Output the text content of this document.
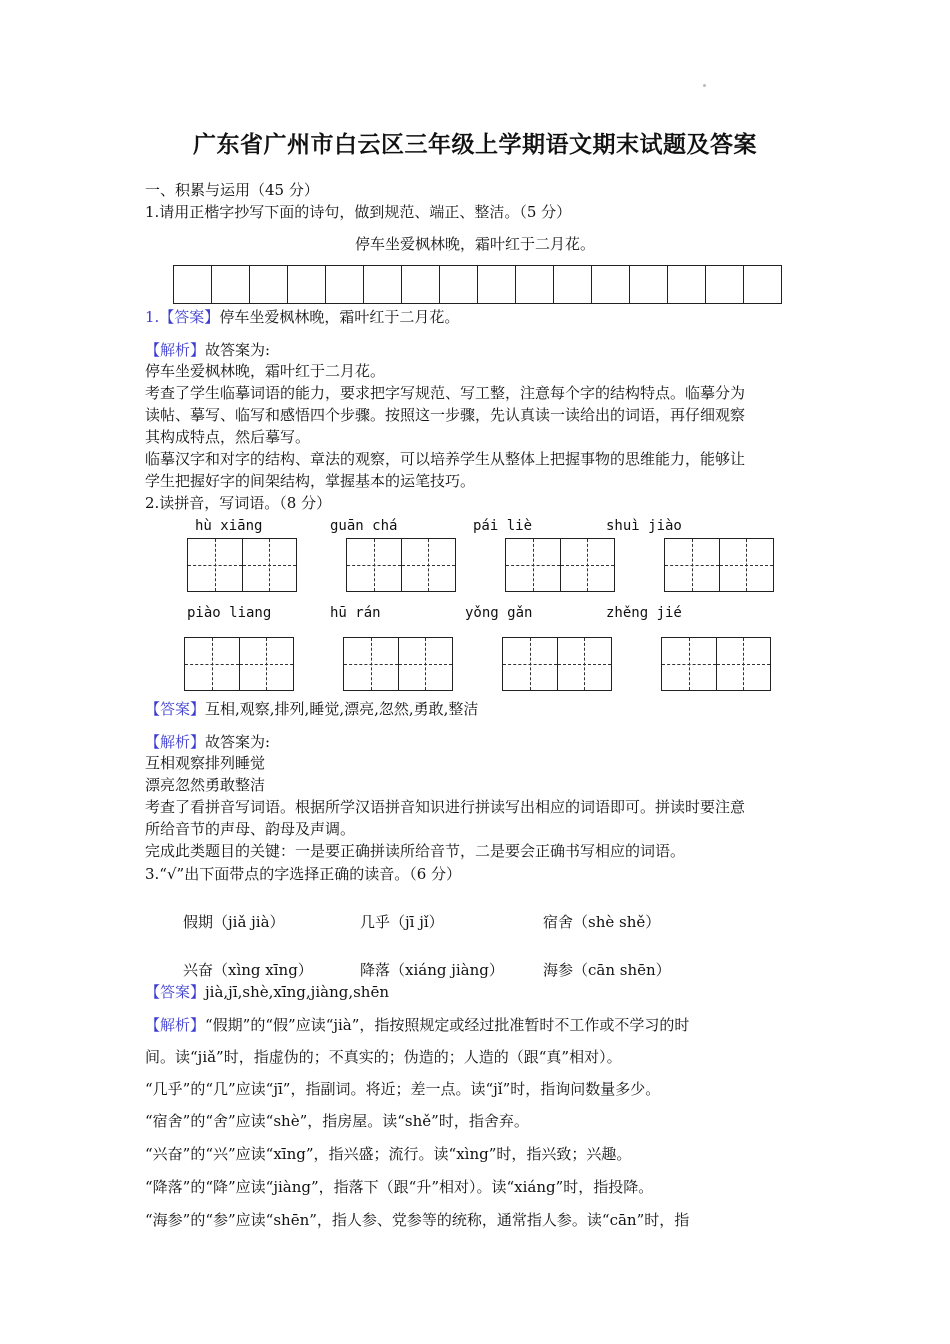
广东省广州市白云区三年级上学期语文期末试题及答案
一、积累与运用（45 分）
1.请用正楷字抄写下面的诗句，做到规范、端正、整洁。（5 分）
停车坐爱枫林晚，霜叶红于二月花。
1.【答案】停车坐爱枫林晚，霜叶红于二月花。
【解析】故答案为:
停车坐爱枫林晚，霜叶红于二月花。
考查了学生临摹词语的能力，要求把字写规范、写工整，注意每个字的结构特点。临摹分为
读帖、摹写、临写和感悟四个步骤。按照这一步骤，先认真读一读给出的词语，再仔细观察
其构成特点，然后摹写。
临摹汉字和对字的结构、章法的观察，可以培养学生从整体上把握事物的思维能力，能够让
学生把握好字的间架结构，掌握基本的运笔技巧。
2.读拼音，写词语。（8 分）
hù xiāng	guān chá	pái liè	shuì jiào
piào liang	hū rán	yǒng gǎn	zhěng jié
【答案】互相,观察,排列,睡觉,漂亮,忽然,勇敢,整洁
【解析】故答案为:
互相观察排列睡觉
漂亮忽然勇敢整洁
考查了看拼音写词语。根据所学汉语拼音知识进行拼读写出相应的词语即可。拼读时要注意
所给音节的声母、韵母及声调。
完成此类题目的关键：一是要正确拼读所给音节，二是要会正确书写相应的词语。
3.“√”出下面带点的字选择正确的读音。（6 分）
假期（jiǎ jià）	几乎（jī jǐ）	宿舍（shè shě）
兴奋（xìng xīng）	降落（xiáng jiàng）	海参（cān shēn）
【答案】jià,jī,shè,xīng,jiàng,shēn
【解析】“假期”的“假”应读“jià”，指按照规定或经过批准暂时不工作或不学习的时
间。读“jiǎ”时，指虚伪的；不真实的；伪造的；人造的（跟“真”相对）。
“几乎”的“几”应读“jī”，指副词。将近；差一点。读“jǐ”时，指询问数量多少。
“宿舍”的“舍”应读“shè”，指房屋。读“shě”时，指舍弃。
“兴奋”的“兴”应读“xīng”，指兴盛；流行。读“xìng”时，指兴致；兴趣。
“降落”的“降”应读“jiàng”，指落下（跟“升”相对）。读“xiáng”时，指投降。
“海参”的“参”应读“shēn”，指人参、党参等的统称，通常指人参。读“cān”时，指
